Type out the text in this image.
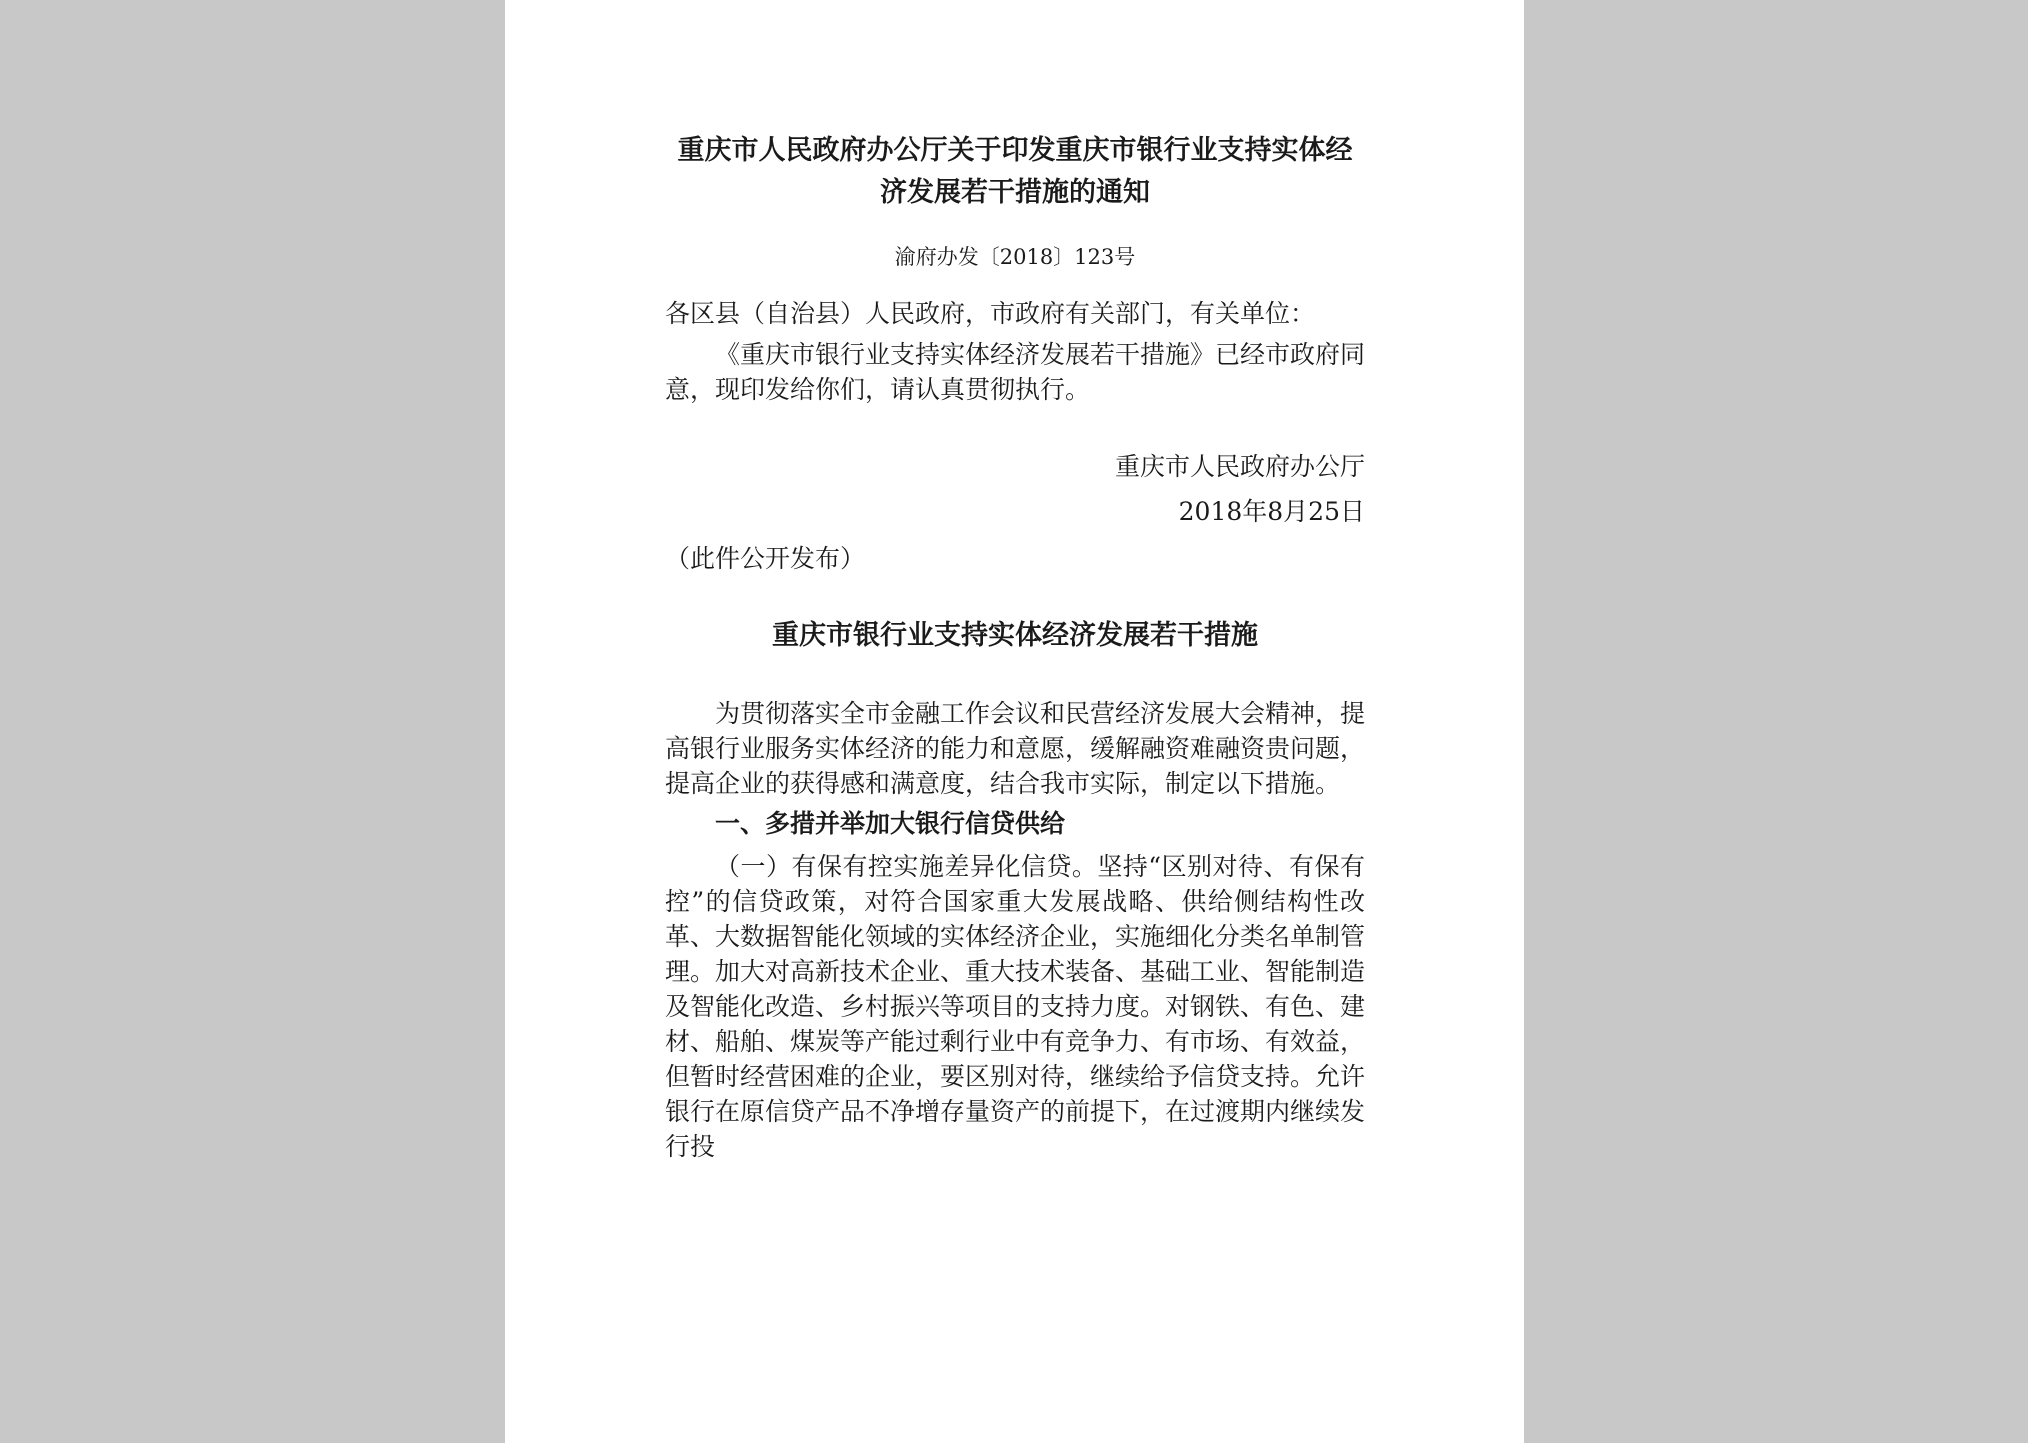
重庆市人民政府办公厅关于印发重庆市银行业支持实体经济发展若干措施的通知
渝府办发〔2018〕123号
各区县（自治县）人民政府，市政府有关部门，有关单位：

《重庆市银行业支持实体经济发展若干措施》已经市政府同意，现印发给你们，请认真贯彻执行。

重庆市人民政府办公厅
2018年8月25日
（此件公开发布）
重庆市银行业支持实体经济发展若干措施

为贯彻落实全市金融工作会议和民营经济发展大会精神，提高银行业服务实体经济的能力和意愿，缓解融资难融资贵问题，提高企业的获得感和满意度，结合我市实际，制定以下措施。

一、多措并举加大银行信贷供给

（一）有保有控实施差异化信贷。坚持“区别对待、有保有控”的信贷政策，对符合国家重大发展战略、供给侧结构性改革、大数据智能化领域的实体经济企业，实施细化分类名单制管理。加大对高新技术企业、重大技术装备、基础工业、智能制造及智能化改造、乡村振兴等项目的支持力度。对钢铁、有色、建材、船舶、煤炭等产能过剩行业中有竞争力、有市场、有效益，但暂时经营困难的企业，要区别对待，继续给予信贷支持。允许银行在原信贷产品不净增存量资产的前提下，在过渡期内继续发行投
